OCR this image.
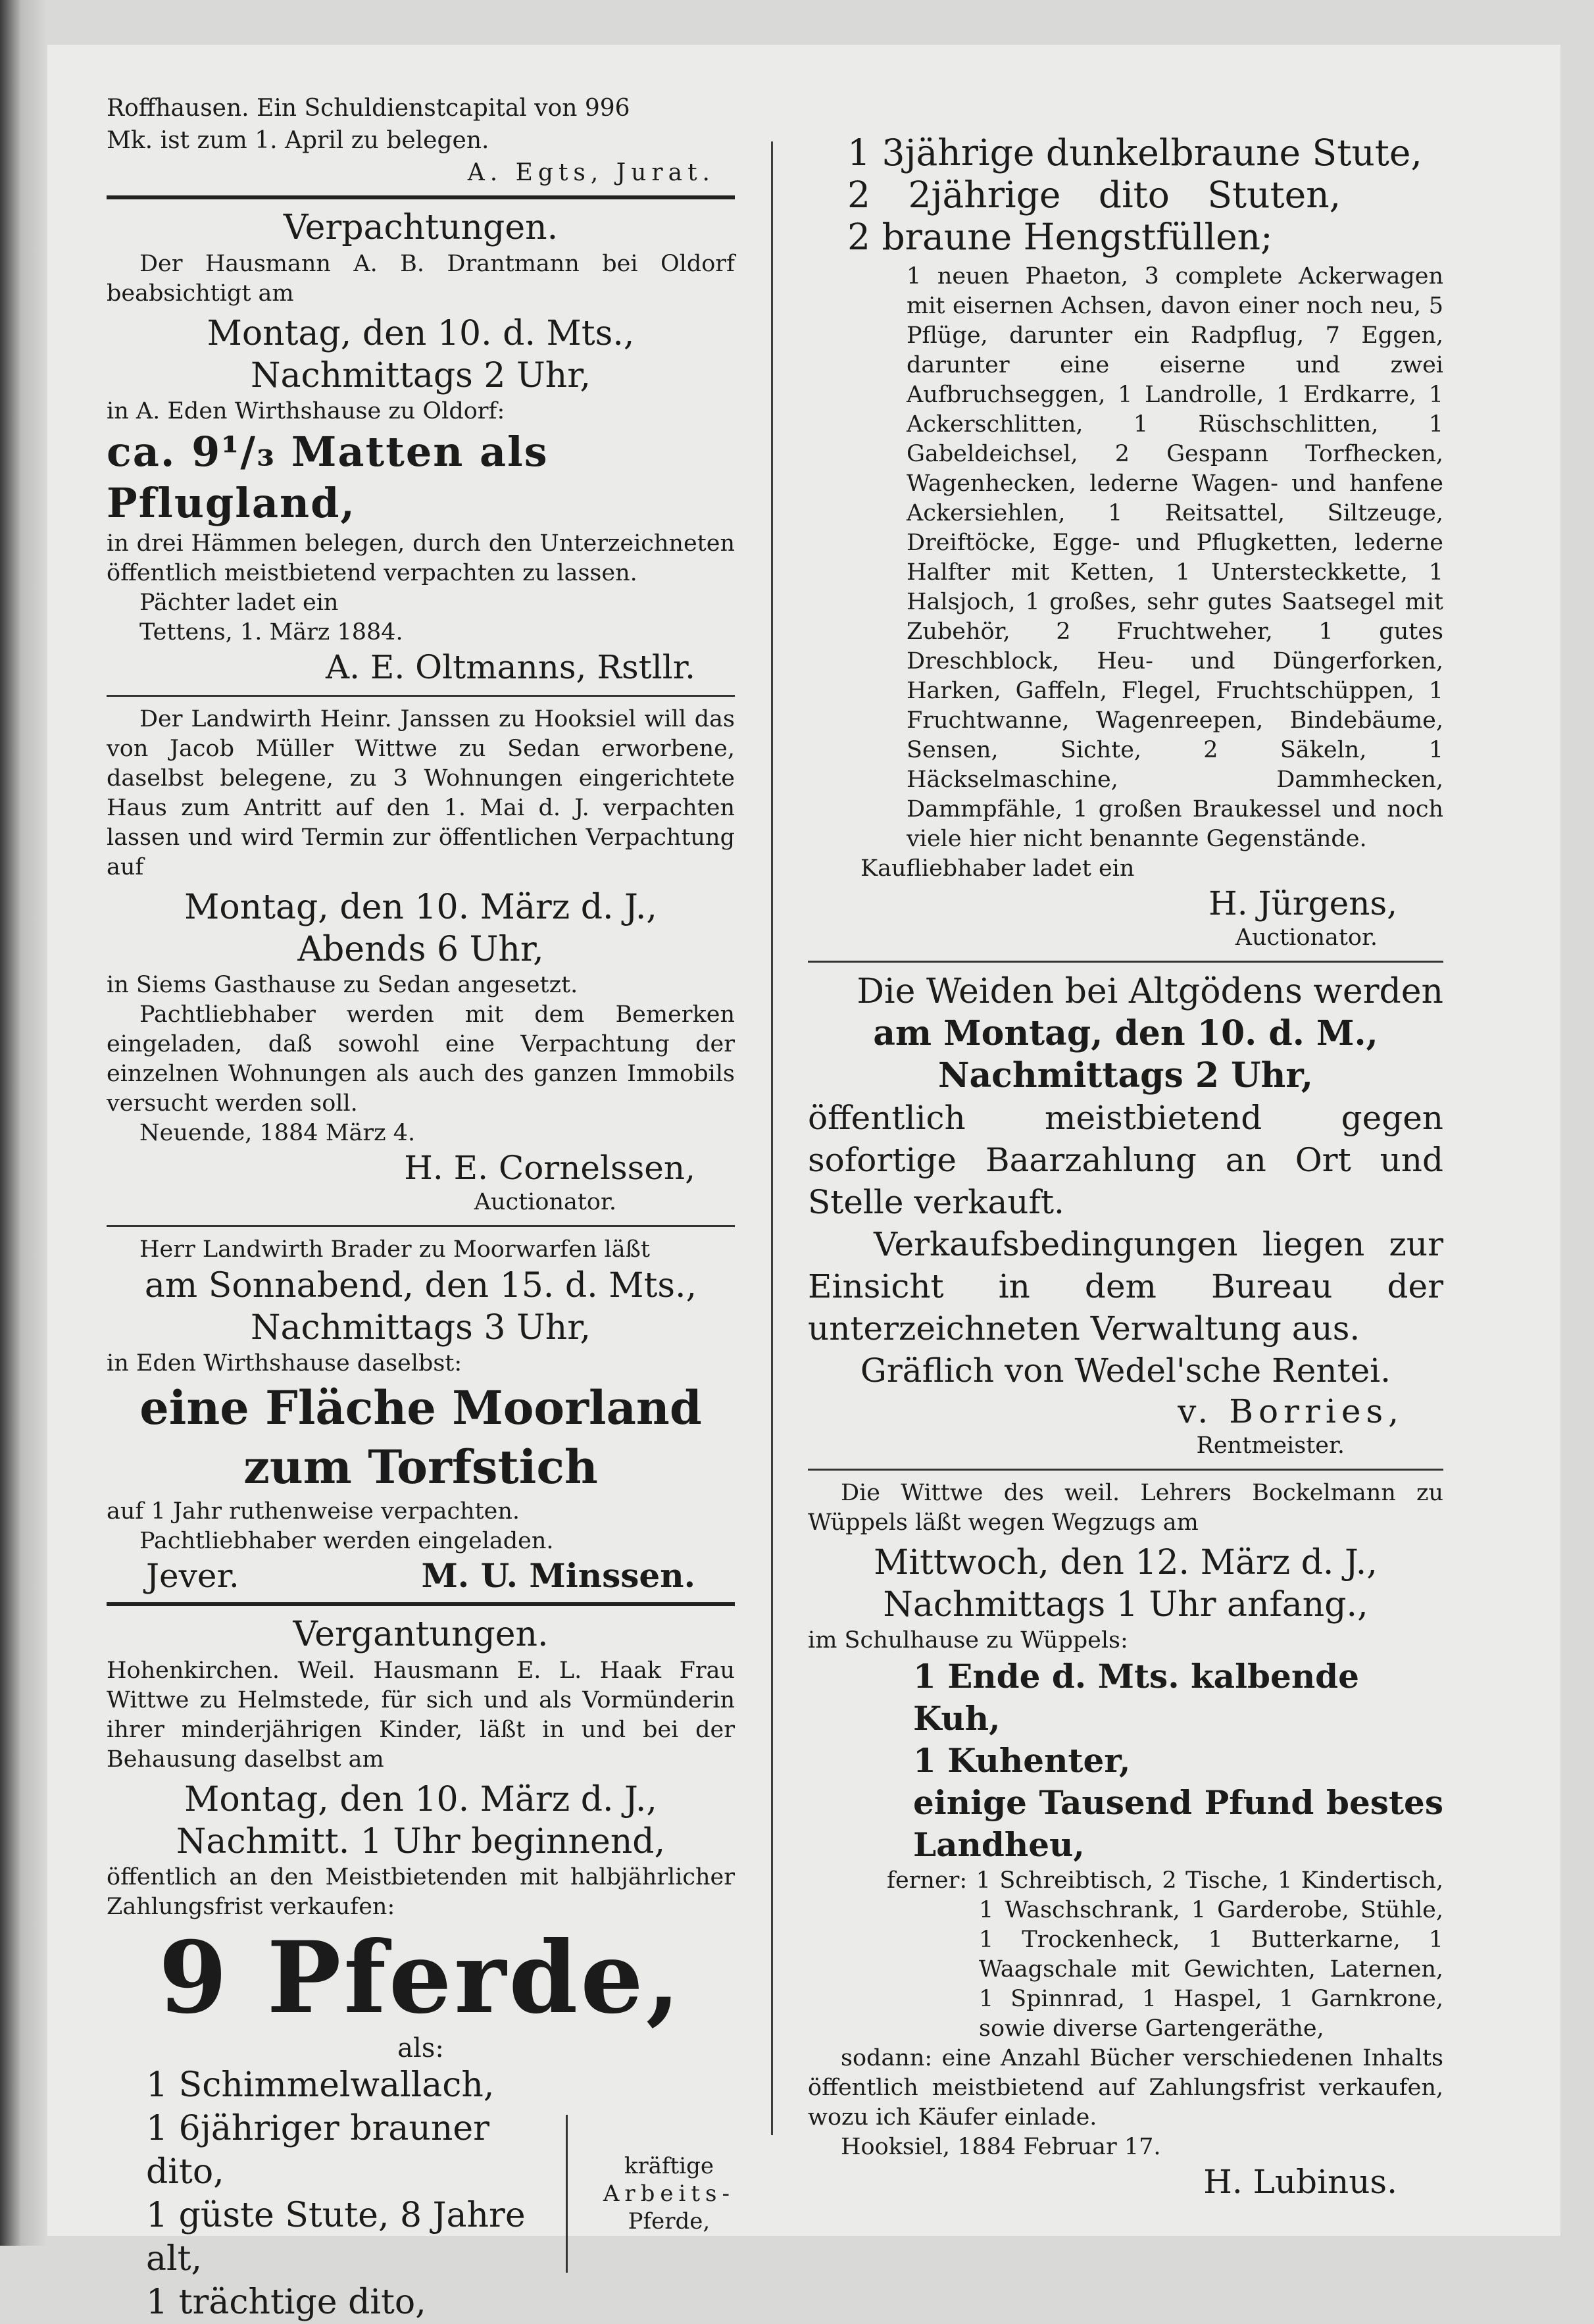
Roffhausen. Ein Schuldienstcapital von 996

Mk. ist zum 1. April zu belegen.

A. Egts, Jurat.

Verpachtungen.

Der Hausmann A. B. Drantmann bei Oldorf beabsichtigt am

Montag, den 10. d. Mts.,

Nachmittags 2 Uhr,

in A. Eden Wirthshause zu Oldorf:

ca. 9¹/₃ Matten als Pflugland,

in drei Hämmen belegen, durch den Unterzeichneten öffentlich meistbietend verpachten zu lassen.

Pächter ladet ein

Tettens, 1. März 1884.

A. E. Oltmanns, Rstllr.

Der Landwirth Heinr. Janssen zu Hooksiel will das von Jacob Müller Wittwe zu Sedan erworbene, daselbst belegene, zu 3 Wohnungen eingerichtete Haus zum Antritt auf den 1. Mai d. J. verpachten lassen und wird Termin zur öffentlichen Verpachtung auf

Montag, den 10. März d. J.,

Abends 6 Uhr,

in Siems Gasthause zu Sedan angesetzt.

Pachtliebhaber werden mit dem Bemerken eingeladen, daß sowohl eine Verpachtung der einzelnen Wohnungen als auch des ganzen Immobils versucht werden soll.

Neuende, 1884 März 4.

H. E. Cornelssen,

Auctionator.

Herr Landwirth Brader zu Moorwarfen läßt

am Sonnabend, den 15. d. Mts.,

Nachmittags 3 Uhr,

in Eden Wirthshause daselbst:

eine Fläche Moorland

zum Torfstich

auf 1 Jahr ruthenweise verpachten.

Pachtliebhaber werden eingeladen.

Jever.	M. U. Minssen.

Vergantungen.

Hohenkirchen. Weil. Hausmann E. L. Haak Frau Wittwe zu Helmstede, für sich und als Vormünderin ihrer minderjährigen Kinder, läßt in und bei der Behausung daselbst am

Montag, den 10. März d. J.,

Nachmitt. 1 Uhr beginnend,

öffentlich an den Meistbietenden mit halbjährlicher Zahlungsfrist verkaufen:

9 Pferde,

als:

1 Schimmelwallach,

1 6jähriger brauner dito,

1 güste Stute, 8 Jahre alt,

1 trächtige dito,

kräftige

Arbeits-

Pferde,

1 3jährige dunkelbraune Stute,

2 2jährige dito Stuten,

2 braune Hengstfüllen;

1 neuen Phaeton, 3 complete Ackerwagen mit eisernen Achsen, davon einer noch neu, 5 Pflüge, darunter ein Radpflug, 7 Eggen, darunter eine eiserne und zwei Aufbruchseggen, 1 Landrolle, 1 Erdkarre, 1 Ackerschlitten, 1 Rüschschlitten, 1 Gabeldeichsel, 2 Gespann Torfhecken, Wagenhecken, lederne Wagen- und hanfene Ackersiehlen, 1 Reitsattel, Siltzeuge, Dreiftöcke, Egge- und Pflugketten, lederne Halfter mit Ketten, 1 Untersteckkette, 1 Halsjoch, 1 großes, sehr gutes Saatsegel mit Zubehör, 2 Fruchtweher, 1 gutes Dreschblock, Heu- und Düngerforken, Harken, Gaffeln, Flegel, Fruchtschüppen, 1 Fruchtwanne, Wagenreepen, Bindebäume, Sensen, Sichte, 2 Säkeln, 1 Häckselmaschine, Dammhecken, Dammpfähle, 1 großen Braukessel und noch viele hier nicht benannte Gegenstände.

Kaufliebhaber ladet ein

H. Jürgens,

Auctionator.

Die Weiden bei Altgödens werden

am Montag, den 10. d. M.,

Nachmittags 2 Uhr,

öffentlich meistbietend gegen sofortige Baarzahlung an Ort und Stelle verkauft.

Verkaufsbedingungen liegen zur Einsicht in dem Bureau der unterzeichneten Verwaltung aus.

Gräflich von Wedel'sche Rentei.

v. Borries,

Rentmeister.

Die Wittwe des weil. Lehrers Bockelmann zu Wüppels läßt wegen Wegzugs am

Mittwoch, den 12. März d. J.,

Nachmittags 1 Uhr anfang.,

im Schulhause zu Wüppels:

1 Ende d. Mts. kalbende Kuh,

1 Kuhenter,

einige Tausend Pfund bestes Landheu,

ferner: 1 Schreibtisch, 2 Tische, 1 Kindertisch, 1 Waschschrank, 1 Garderobe, Stühle, 1 Trockenheck, 1 Butterkarne, 1 Waagschale mit Gewichten, Laternen, 1 Spinnrad, 1 Haspel, 1 Garnkrone, sowie diverse Gartengeräthe,

sodann: eine Anzahl Bücher verschiedenen Inhalts öffentlich meistbietend auf Zahlungsfrist verkaufen, wozu ich Käufer einlade.

Hooksiel, 1884 Februar 17.

H. Lubinus.
